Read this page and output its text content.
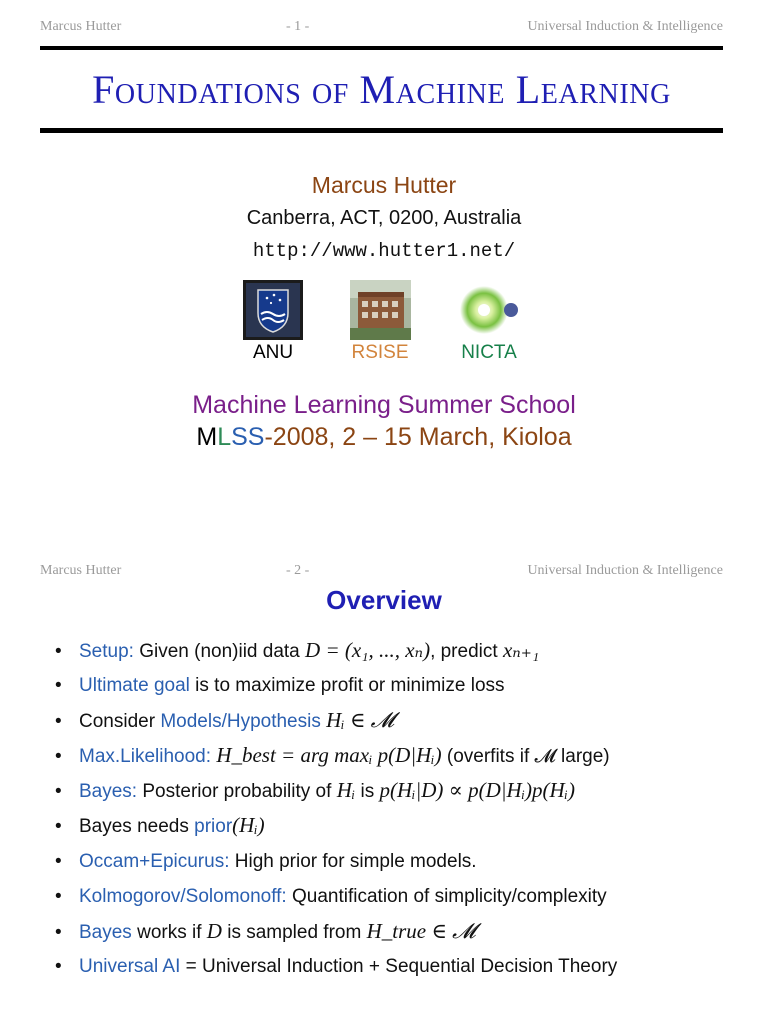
Marcus Hutter	- 1 -	Universal Induction & Intelligence
Foundations of Machine Learning
Marcus Hutter
Canberra, ACT, 0200, Australia
http://www.hutter1.net/
ANU	RSISE	NICTA
Machine Learning Summer School
MLSS-2008, 2 – 15 March, Kioloa
Marcus Hutter	- 2 -	Universal Induction & Intelligence
Overview
• Setup: Given (non)iid data D = (x₁, ..., xₙ), predict xₙ₊₁
• Ultimate goal is to maximize profit or minimize loss
• Consider Models/Hypothesis Hᵢ ∈ 𝓜
• Max.Likelihood: H_best = arg maxᵢ p(D|Hᵢ) (overfits if 𝓜 large)
• Bayes: Posterior probability of Hᵢ is p(Hᵢ|D) ∝ p(D|Hᵢ)p(Hᵢ)
• Bayes needs prior(Hᵢ)
• Occam+Epicurus: High prior for simple models.
• Kolmogorov/Solomonoff: Quantification of simplicity/complexity
• Bayes works if D is sampled from H_true ∈ 𝓜
• Universal AI = Universal Induction + Sequential Decision Theory
